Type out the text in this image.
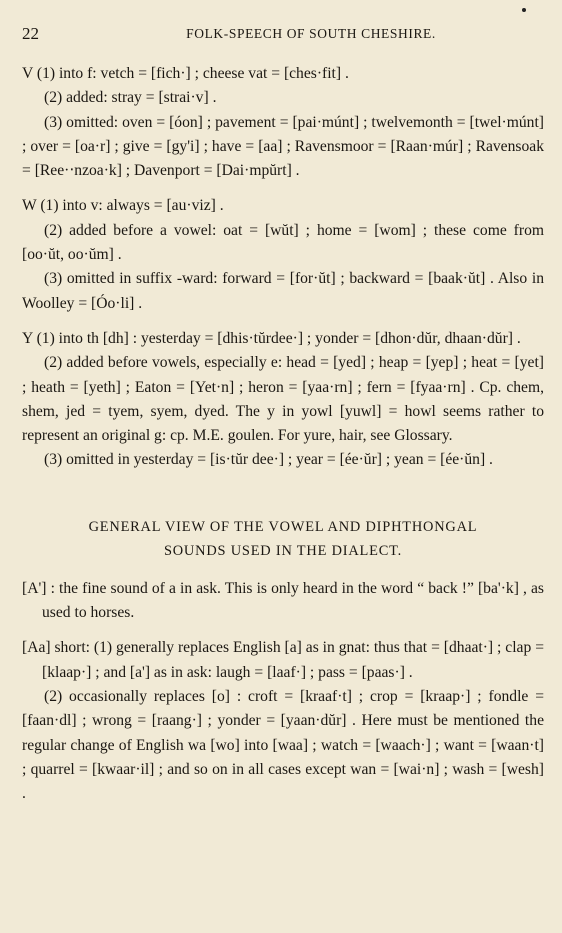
22	FOLK-SPEECH OF SOUTH CHESHIRE.
V (1) into f: vetch = [fich·] ; cheese vat = [ches·fit] .
(2) added: stray = [strai·v] .
(3) omitted: oven = [óon] ; pavement = [pai·múnt] ; twelvemonth = [twel·múnt] ; over = [oa·r] ; give = [gy'i] ; have = [aa] ; Ravensmoor = [Raan·múr] ; Ravensoak = [Ree·‧nzoa·k] ; Davenport = [Dai·mpŭrt] .
W (1) into v: always = [au·viz] .
(2) added before a vowel: oat = [wŭt] ; home = [wom] ; these come from [oo·ŭt, oo·ŭm] .
(3) omitted in suffix -ward: forward = [for·ŭt] ; backward = [baak·ŭt] . Also in Woolley = [Óo·li] .
Y (1) into th [dh] : yesterday = [dhis·tŭrdee·] ; yonder = [dhon·dŭr, dhaan·dŭr] .
(2) added before vowels, especially e: head = [yed] ; heap = [yep] ; heat = [yet] ; heath = [yeth] ; Eaton = [Yet·n] ; heron = [yaa·rn] ; fern = [fyaa·rn] . Cp. chem, shem, jed = tyem, syem, dyed. The y in yowl [yuwl] = howl seems rather to represent an original g: cp. M.E. goulen. For yure, hair, see Glossary.
(3) omitted in yesterday = [is·tŭr dee·] ; year = [ée·ŭr] ; yean = [ée·ŭn] .
GENERAL VIEW OF THE VOWEL AND DIPHTHONGAL
SOUNDS USED IN THE DIALECT.
[A'] : the fine sound of a in ask. This is only heard in the word “ back !” [ba'·k] , as used to horses.
[Aa] short: (1) generally replaces English [a] as in gnat: thus that = [dhaat·] ; clap = [klaap·] ; and [a'] as in ask: laugh = [laaf·] ; pass = [paas·] .
(2) occasionally replaces [o] : croft = [kraaf·t] ; crop = [kraap·] ; fondle = [faan·dl] ; wrong = [raang·] ; yonder = [yaan·dŭr] . Here must be mentioned the regular change of English wa [wo] into [waa] ; watch = [waach·] ; want = [waan·t] ; quarrel = [kwaar·il] ; and so on in all cases except wan = [wai·n] ; wash = [wesh] .
